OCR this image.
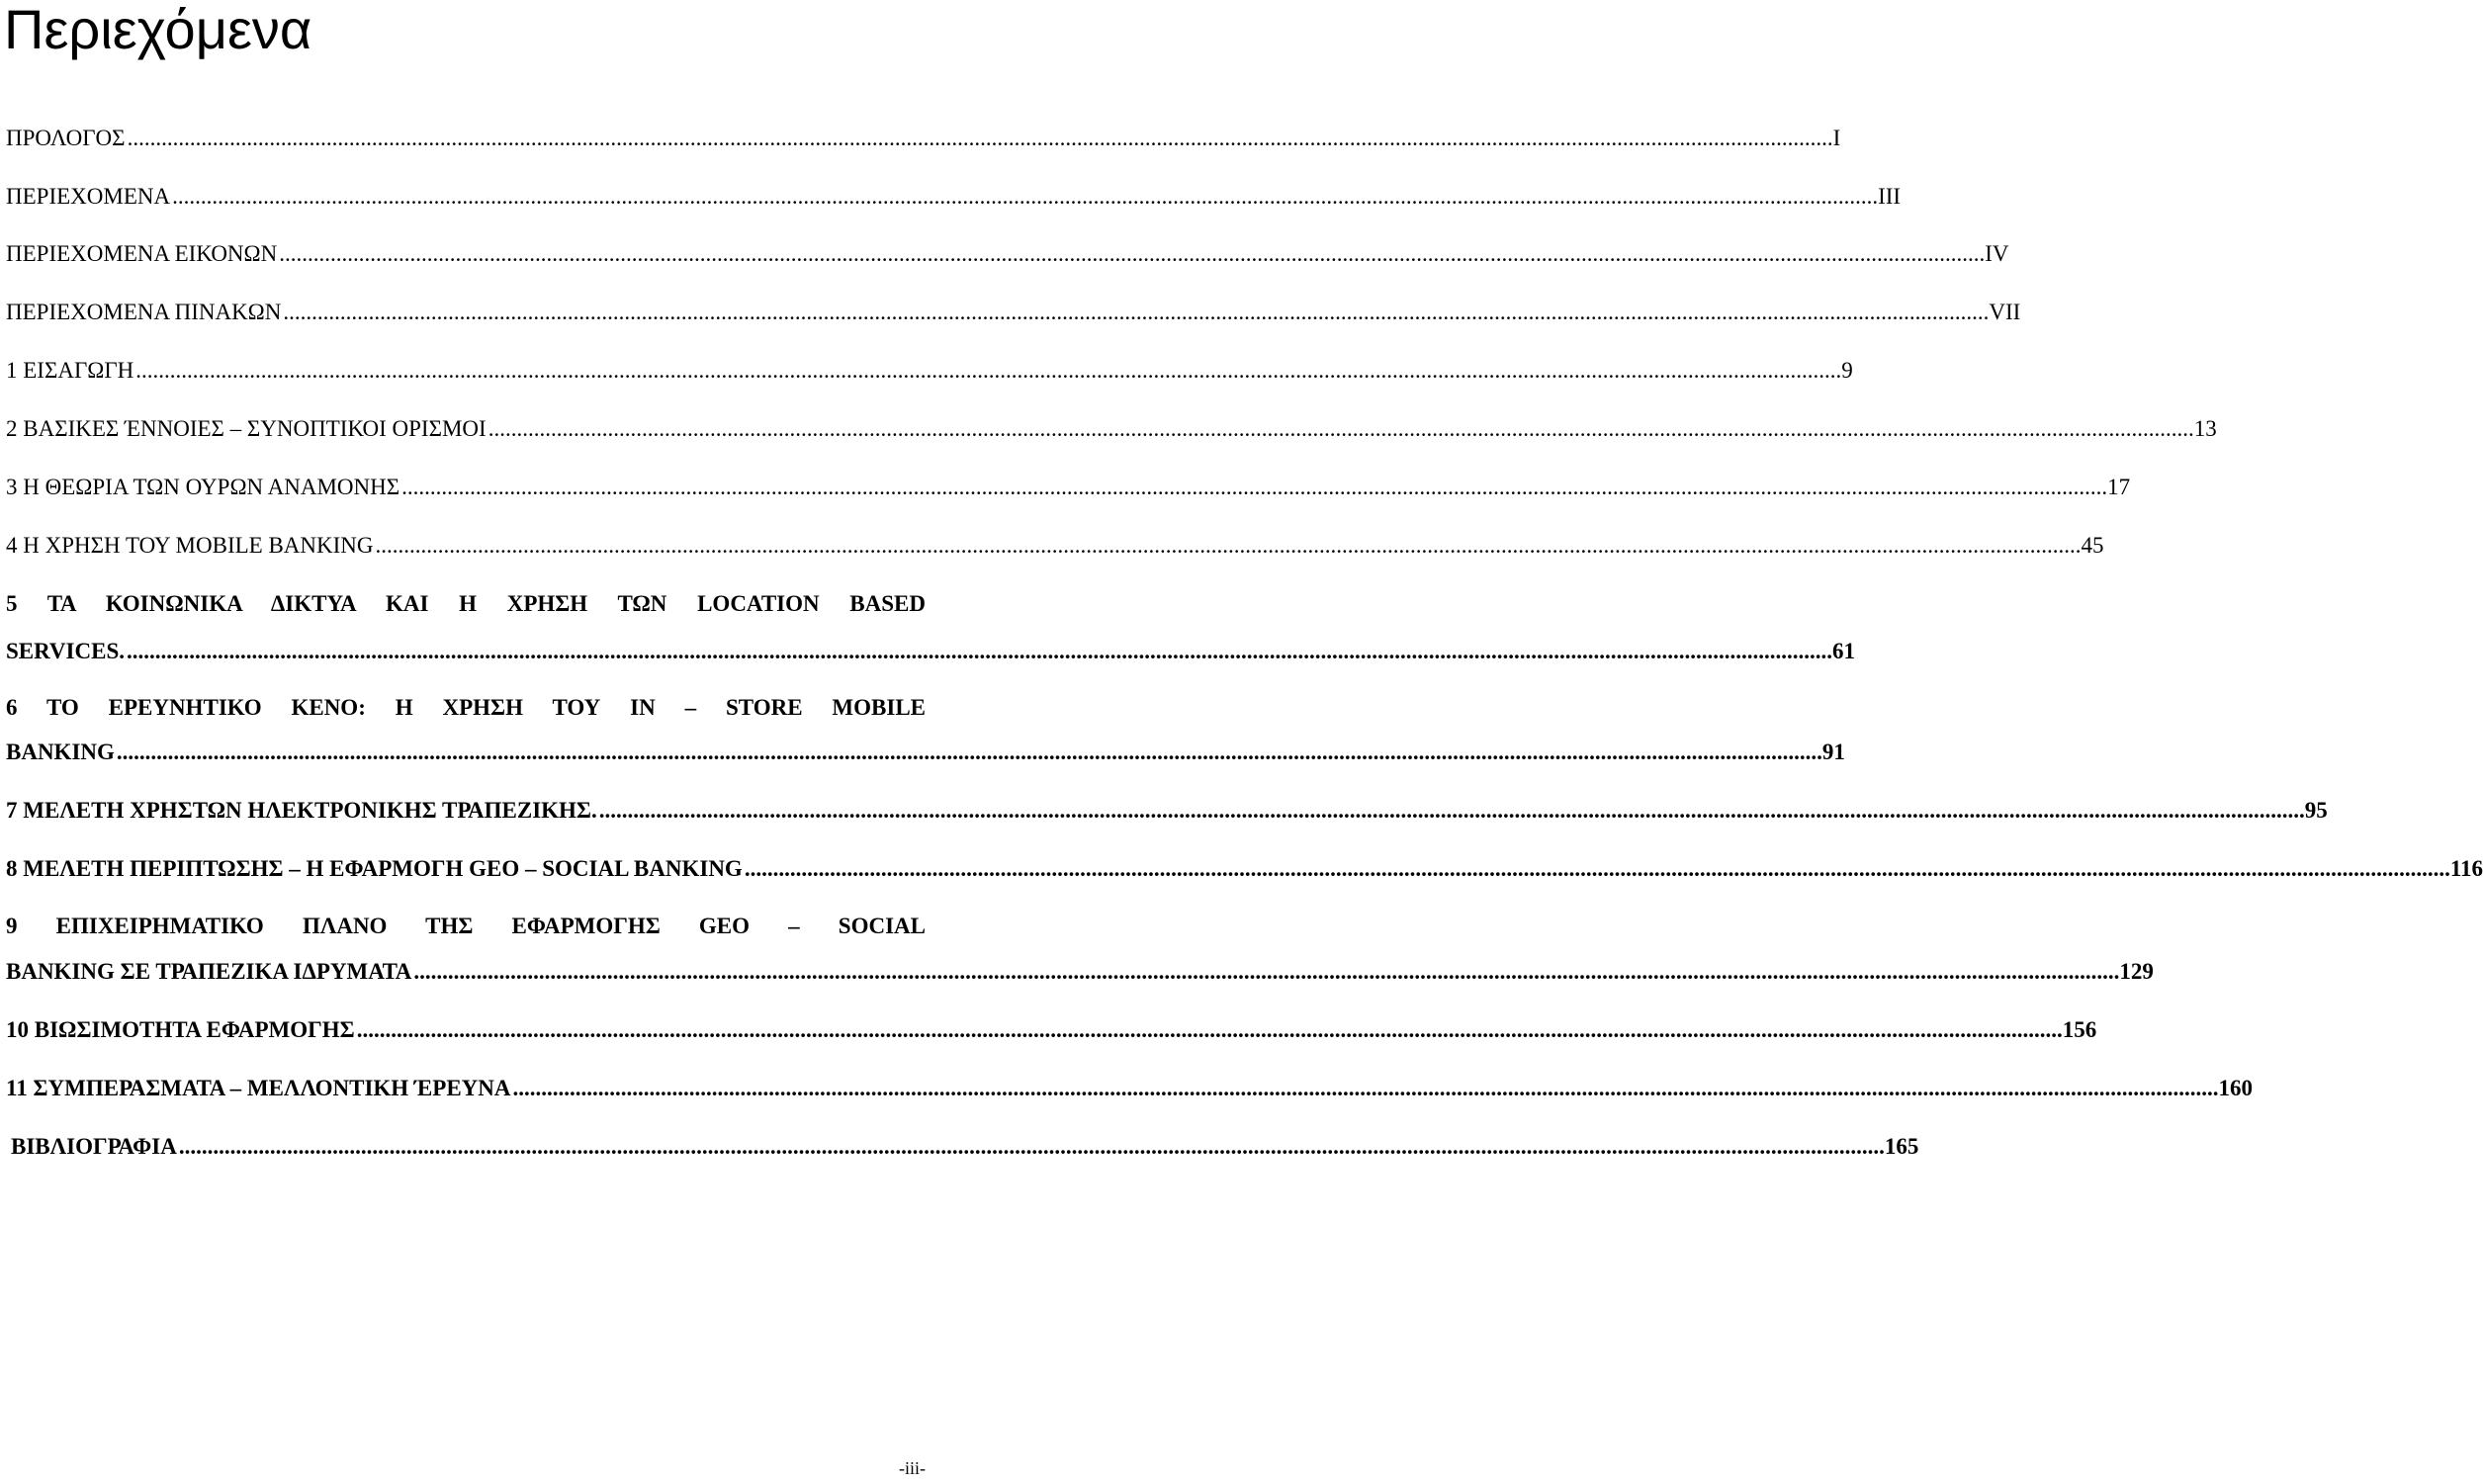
Περιεχόμενα
ΠΡΟΛΟΓΟΣ ............................................................................................................................................................................................................................................................................................................ I
ΠΕΡΙΕΧΟΜΕΝΑ ............................................................................................................................................................................................................................................................................................................ III
ΠΕΡΙΕΧΟΜΕΝΑ ΕΙΚΟΝΩΝ ............................................................................................................................................................................................................................................................................................................ IV
ΠΕΡΙΕΧΟΜΕΝΑ ΠΙΝΑΚΩΝ ............................................................................................................................................................................................................................................................................................................ VII
1 ΕΙΣΑΓΩΓΗ ............................................................................................................................................................................................................................................................................................................ 9
2 ΒΑΣΙΚΕΣ ΈΝΝΟΙΕΣ – ΣΥΝΟΠΤΙΚΟΙ ΟΡΙΣΜΟΙ ............................................................................................................................................................................................................................................................................................................ 13
3 Η ΘΕΩΡΙΑ ΤΩΝ ΟΥΡΩΝ ΑΝΑΜΟΝΗΣ ............................................................................................................................................................................................................................................................................................................ 17
4 Η ΧΡΗΣΗ ΤΟΥ MOBILE BANKING ............................................................................................................................................................................................................................................................................................................ 45
5 ΤΑ ΚΟΙΝΩΝΙΚΑ ΔΙΚΤΥΑ ΚΑΙ Η ΧΡΗΣΗ ΤΩΝ LOCATION BASED
SERVICES. ............................................................................................................................................................................................................................................................................................................ 61
6 ΤΟ ΕΡΕΥΝΗΤΙΚΟ ΚΕΝΟ: Η ΧΡΗΣΗ ΤΟΥ IN – STORE MOBILE
BANKING ............................................................................................................................................................................................................................................................................................................ 91
7 ΜΕΛΕΤΗ ΧΡΗΣΤΩΝ ΗΛΕΚΤΡΟΝΙΚΗΣ ΤΡΑΠΕΖΙΚΗΣ. ............................................................................................................................................................................................................................................................................................................ 95
8 ΜΕΛΕΤΗ ΠΕΡΙΠΤΩΣΗΣ – Η ΕΦΑΡΜΟΓΗ GEO – SOCIAL BANKING ............................................................................................................................................................................................................................................................................................................ 116
9 ΕΠΙΧΕΙΡΗΜΑΤΙΚΟ ΠΛΑΝΟ ΤΗΣ ΕΦΑΡΜΟΓΗΣ GEO – SOCIAL
BANKING ΣΕ ΤΡΑΠΕΖΙΚΑ ΙΔΡΥΜΑΤΑ ............................................................................................................................................................................................................................................................................................................ 129
10 ΒΙΩΣΙΜΟΤΗΤΑ ΕΦΑΡΜΟΓΗΣ ............................................................................................................................................................................................................................................................................................................ 156
11 ΣΥΜΠΕΡΑΣΜΑΤΑ – ΜΕΛΛΟΝΤΙΚΗ ΈΡΕΥΝΑ ............................................................................................................................................................................................................................................................................................................ 160
ΒΙΒΛΙΟΓΡΑΦΙΑ ............................................................................................................................................................................................................................................................................................................ 165
-iii-
